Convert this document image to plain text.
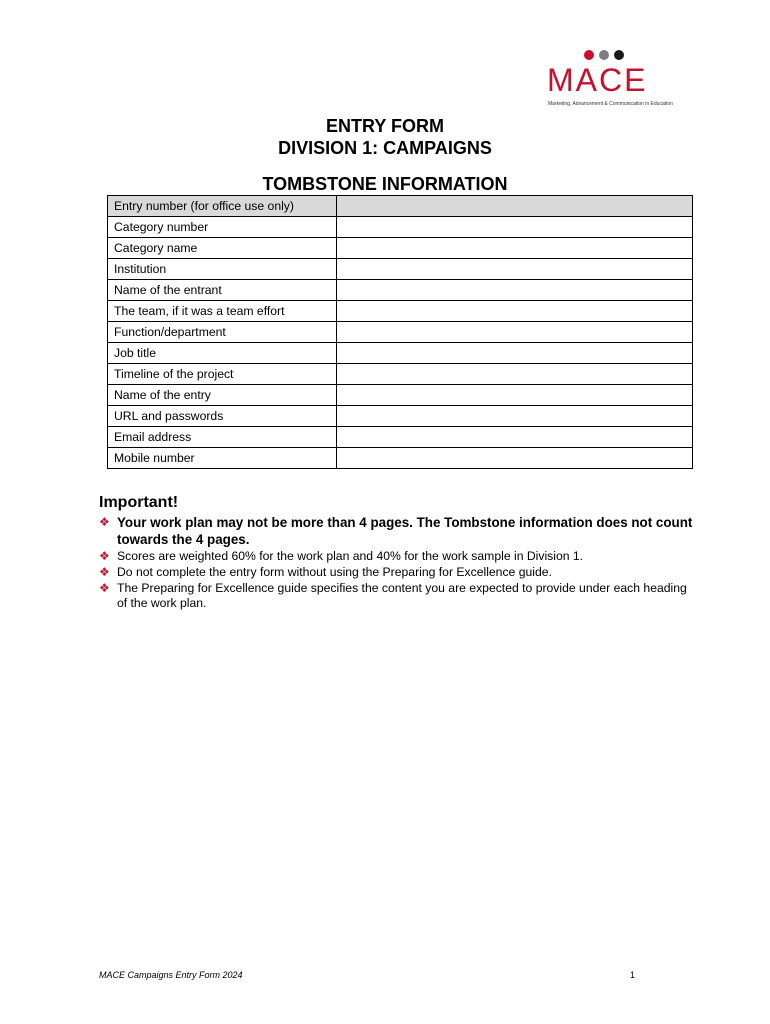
MACE
Marketing, Advancement & Communication in Education
ENTRY FORM
DIVISION 1: CAMPAIGNS
TOMBSTONE INFORMATION
Entry number (for office use only)	
Category number	
Category name	
Institution	
Name of the entrant	
The team, if it was a team effort	
Function/department	
Job title	
Timeline of the project	
Name of the entry	
URL and passwords	
Email address	
Mobile number	
Important!
❖ Your work plan may not be more than 4 pages. The Tombstone information does not count towards the 4 pages.
❖ Scores are weighted 60% for the work plan and 40% for the work sample in Division 1.
❖ Do not complete the entry form without using the Preparing for Excellence guide.
❖ The Preparing for Excellence guide specifies the content you are expected to provide under each heading of the work plan.
MACE Campaigns Entry Form 2024	1
